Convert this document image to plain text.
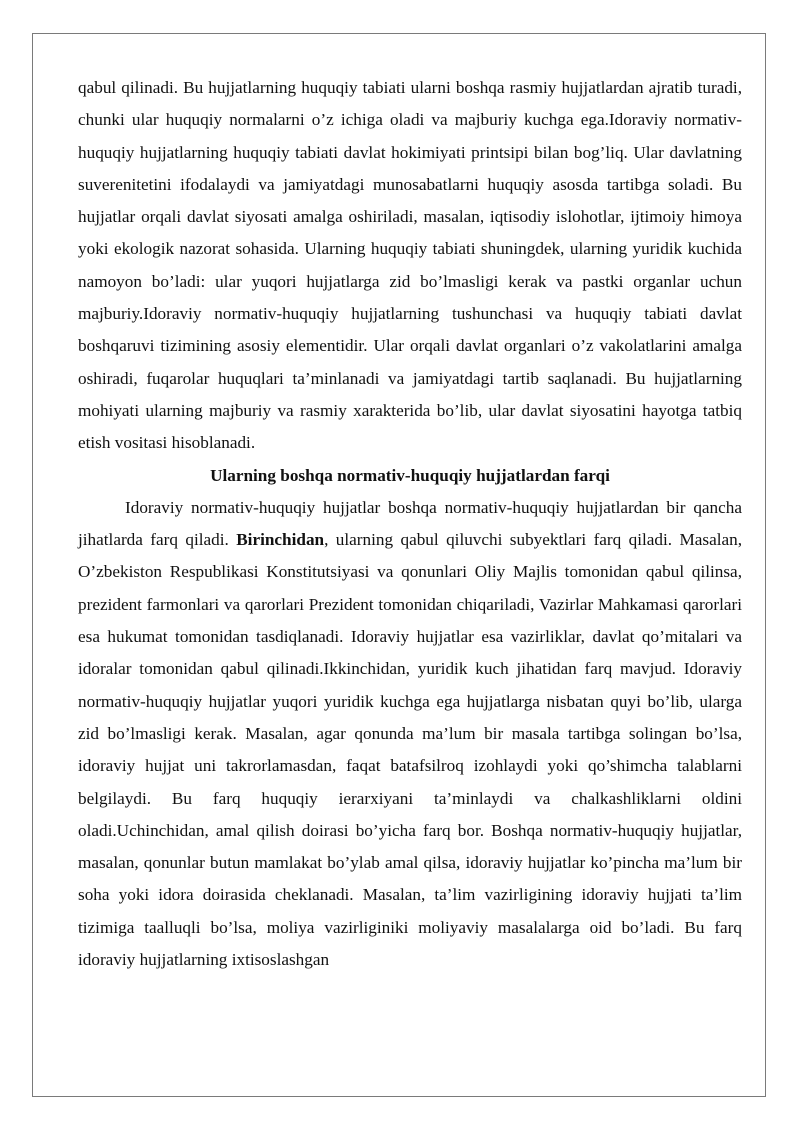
qabul qilinadi. Bu hujjatlarning huquqiy tabiati ularni boshqa rasmiy hujjatlardan ajratib turadi, chunki ular huquqiy normalarni o’z ichiga oladi va majburiy kuchga ega.Idoraviy normativ-huquqiy hujjatlarning huquqiy tabiati davlat hokimiyati printsipi bilan bog’liq. Ular davlatning suverenitetini ifodalaydi va jamiyatdagi munosabatlarni huquqiy asosda tartibga soladi. Bu hujjatlar orqali davlat siyosati amalga oshiriladi, masalan, iqtisodiy islohotlar, ijtimoiy himoya yoki ekologik nazorat sohasida. Ularning huquqiy tabiati shuningdek, ularning yuridik kuchida namoyon bo’ladi: ular yuqori hujjatlarga zid bo’lmasligi kerak va pastki organlar uchun majburiy.Idoraviy normativ-huquqiy hujjatlarning tushunchasi va huquqiy tabiati davlat boshqaruvi tizimining asosiy elementidir. Ular orqali davlat organlari o’z vakolatlarini amalga oshiradi, fuqarolar huquqlari ta’minlanadi va jamiyatdagi tartib saqlanadi. Bu hujjatlarning mohiyati ularning majburiy va rasmiy xarakterida bo’lib, ular davlat siyosatini hayotga tatbiq etish vositasi hisoblanadi.

Ularning boshqa normativ-huquqiy hujjatlardan farqi

Idoraviy normativ-huquqiy hujjatlar boshqa normativ-huquqiy hujjatlardan bir qancha jihatlarda farq qiladi. Birinchidan, ularning qabul qiluvchi subyektlari farq qiladi. Masalan, O’zbekiston Respublikasi Konstitutsiyasi va qonunlari Oliy Majlis tomonidan qabul qilinsa, prezident farmonlari va qarorlari Prezident tomonidan chiqariladi, Vazirlar Mahkamasi qarorlari esa hukumat tomonidan tasdiqlanadi. Idoraviy hujjatlar esa vazirliklar, davlat qo’mitalari va idoralar tomonidan qabul qilinadi.Ikkinchidan, yuridik kuch jihatidan farq mavjud. Idoraviy normativ-huquqiy hujjatlar yuqori yuridik kuchga ega hujjatlarga nisbatan quyi bo’lib, ularga zid bo’lmasligi kerak. Masalan, agar qonunda ma’lum bir masala tartibga solingan bo’lsa, idoraviy hujjat uni takrorlamasdan, faqat batafsilroq izohlaydi yoki qo’shimcha talablarni belgilaydi. Bu farq huquqiy ierarxiyani ta’minlaydi va chalkashliklarni oldini oladi.Uchinchidan, amal qilish doirasi bo’yicha farq bor. Boshqa normativ-huquqiy hujjatlar, masalan, qonunlar butun mamlakat bo’ylab amal qilsa, idoraviy hujjatlar ko’pincha ma’lum bir soha yoki idora doirasida cheklanadi. Masalan, ta’lim vazirligining idoraviy hujjati ta’lim tizimiga taalluqli bo’lsa, moliya vazirliginiki moliyaviy masalalarga oid bo’ladi. Bu farq idoraviy hujjatlarning ixtisoslashgan
